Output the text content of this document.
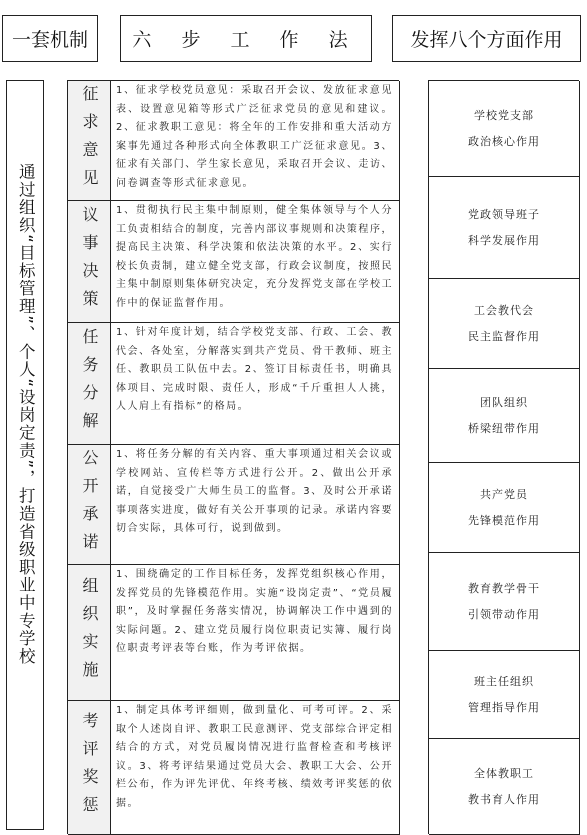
一套机制	六 步 工 作 法	发挥八个方面作用
通过组织“目标管理”、个人“设岗定责”，打造省级职业中专学校
征求意见 1、征求学校党员意见：采取召开会议、发放征求意见表、设置意见箱等形式广泛征求党员的意见和建议。2、征求教职工意见：将全年的工作安排和重大活动方案事先通过各种形式向全体教职工广泛征求意见。3、征求有关部门、学生家长意见，采取召开会议、走访、问卷调查等形式征求意见。
议事决策 1、贯彻执行民主集中制原则，健全集体领导与个人分工负责相结合的制度，完善内部议事规则和决策程序，提高民主决策、科学决策和依法决策的水平。2、实行校长负责制，建立健全党支部，行政会议制度，按照民主集中制原则集体研究决定，充分发挥党支部在学校工作中的保证监督作用。
任务分解 1、针对年度计划，结合学校党支部、行政、工会、教代会、各处室，分解落实到共产党员、骨干教师、班主任、教职员工队伍中去。2、签订目标责任书，明确具体项目、完成时限、责任人，形成“千斤重担人人挑，人人肩上有指标”的格局。
公开承诺 1、将任务分解的有关内容、重大事项通过相关会议或学校网站、宣传栏等方式进行公开。2、做出公开承诺，自觉接受广大师生员工的监督。3、及时公开承诺事项落实进度，做好有关公开事项的记录。承诺内容要切合实际，具体可行，说到做到。
组织实施
1、围绕确定的工作目标任务，发挥党组织核心作用，发挥党员的先锋模范作用。实施“设岗定责”、“党员履职”，及时掌握任务落实情况，协调解决工作中遇到的实际问题。2、建立党员履行岗位职责记实簿、履行岗位职责考评表等台账，作为考评依据。
考评奖惩
1、制定具体考评细则，做到量化、可考可评。2、采取个人述岗自评、教职工民意测评、党支部综合评定相结合的方式，对党员履岗情况进行监督检查和考核评议。3、将考评结果通过党员大会、教职工大会、公开栏公布，作为评先评优、年终考核、绩效考评奖惩的依据。
学校党支部
政治核心作用
党政领导班子
科学发展作用
工会教代会
民主监督作用
团队组织
桥梁纽带作用
共产党员
先锋模范作用
教育教学骨干
引领带动作用
班主任组织
管理指导作用
全体教职工
教书育人作用
